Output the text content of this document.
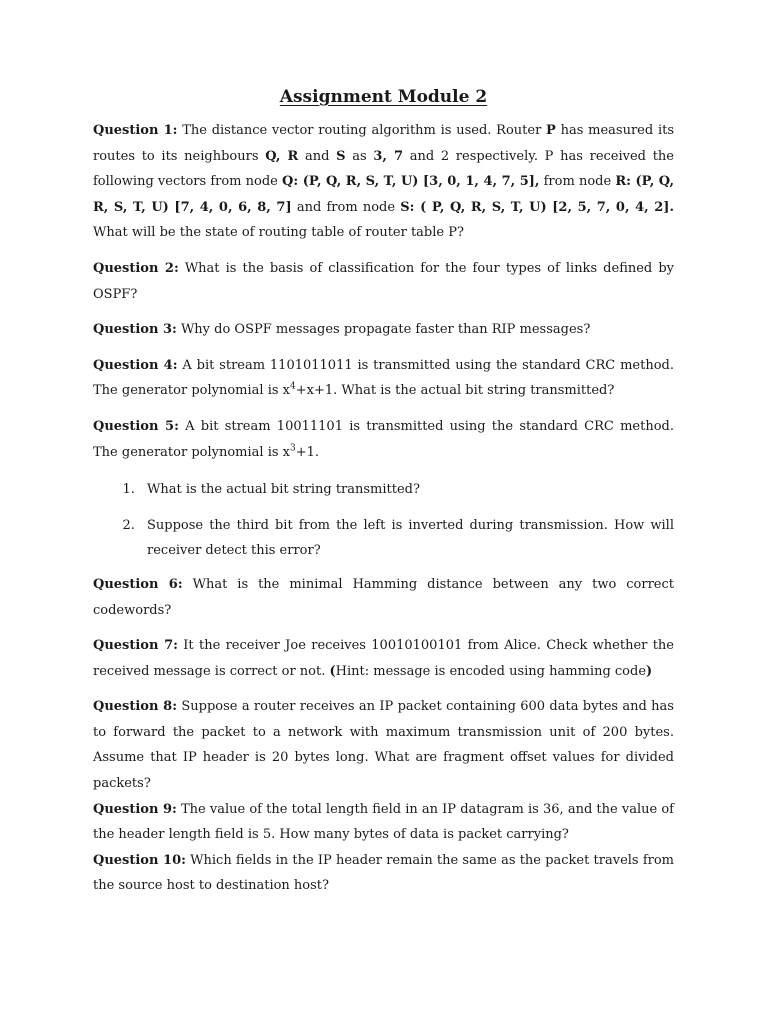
Assignment Module 2

Question 1: The distance vector routing algorithm is used. Router P has measured its routes to its neighbours Q, R and S as 3, 7 and 2 respectively. P has received the following vectors from node Q: (P, Q, R, S, T, U) [3, 0, 1, 4, 7, 5], from node R: (P, Q, R, S, T, U) [7, 4, 0, 6, 8, 7] and from node S: ( P, Q, R, S, T, U) [2, 5, 7, 0, 4, 2]. What will be the state of routing table of router table P?

Question 2: What is the basis of classification for the four types of links defined by OSPF?

Question 3: Why do OSPF messages propagate faster than RIP messages?

Question 4: A bit stream 1101011011 is transmitted using the standard CRC method. The generator polynomial is $x^4+x+1$. What is the actual bit string transmitted?

Question 5: A bit stream 10011101 is transmitted using the standard CRC method. The generator polynomial is $x^3+1$.

1. What is the actual bit string transmitted?
2. Suppose the third bit from the left is inverted during transmission. How will receiver detect this error?

Question 6: What is the minimal Hamming distance between any two correct codewords?

Question 7: It the receiver Joe receives 10010100101 from Alice. Check whether the received message is correct or not. (Hint: message is encoded using hamming code)

Question 8: Suppose a router receives an IP packet containing 600 data bytes and has to forward the packet to a network with maximum transmission unit of 200 bytes. Assume that IP header is 20 bytes long. What are fragment offset values for divided packets?

Question 9: The value of the total length field in an IP datagram is 36, and the value of the header length field is 5. How many bytes of data is packet carrying?

Question 10: Which fields in the IP header remain the same as the packet travels from the source host to destination host?
